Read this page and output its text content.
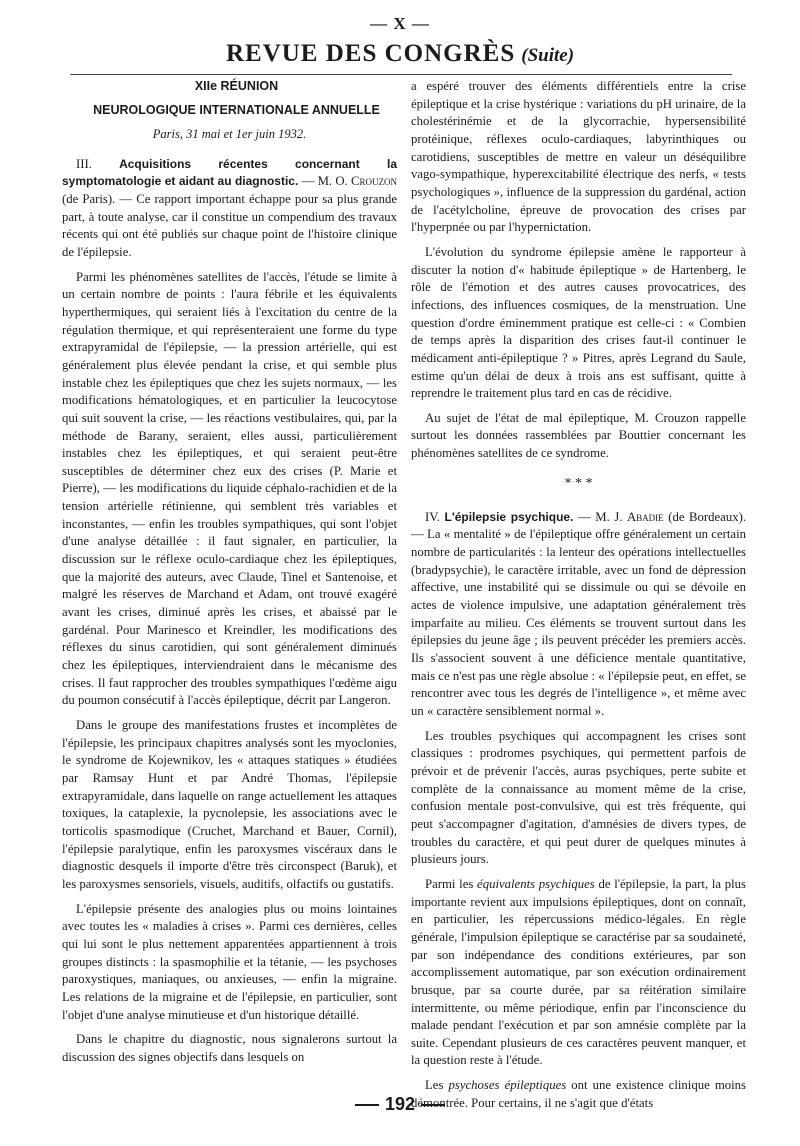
— X —
REVUE DES CONGRÈS (Suite)

XIIe RÉUNION

NEUROLOGIQUE INTERNATIONALE ANNUELLE

Paris, 31 mai et 1er juin 1932.

III. Acquisitions récentes concernant la symptomatologie et aidant au diagnostic. — M. O. Crouzon (de Paris). — Ce rapport important échappe pour sa plus grande part, à toute analyse, car il constitue un compendium des travaux récents qui ont été publiés sur chaque point de l'histoire clinique de l'épilepsie.

Parmi les phénomènes satellites de l'accès, l'étude se limite à un certain nombre de points : l'aura fébrile et les équivalents hyperthermiques, qui seraient liés à l'excitation du centre de la régulation thermique, et qui représenteraient une forme du type extrapyramidal de l'épilepsie, — la pression artérielle, qui est généralement plus élevée pendant la crise, et qui semble plus instable chez les épileptiques que chez les sujets normaux, — les modifications hématologiques, et en particulier la leucocytose qui suit souvent la crise, — les réactions vestibulaires, qui, par la méthode de Barany, seraient, elles aussi, particulièrement instables chez les épileptiques, et qui seraient peut-être susceptibles de déterminer chez eux des crises (P. Marie et Pierre), — les modifications du liquide céphalo-rachidien et de la tension artérielle rétinienne, qui semblent très variables et inconstantes, — enfin les troubles sympathiques, qui sont l'objet d'une analyse détaillée : il faut signaler, en particulier, la discussion sur le réflexe oculo-cardiaque chez les épileptiques, que la majorité des auteurs, avec Claude, Tinel et Santenoise, et malgré les réserves de Marchand et Adam, ont trouvé exagéré avant les crises, diminué après les crises, et abaissé par le gardénal. Pour Marinesco et Kreindler, les modifications des réflexes du sinus carotidien, qui sont généralement diminués chez les épileptiques, interviendraient dans le mécanisme des crises. Il faut rapprocher des troubles sympathiques l'œdème aigu du poumon consécutif à l'accès épileptique, décrit par Langeron.

Dans le groupe des manifestations frustes et incomplètes de l'épilepsie, les principaux chapitres analysés sont les myoclonies, le syndrome de Kojewnikov, les « attaques statiques » étudiées par Ramsay Hunt et par André Thomas, l'épilepsie extrapyramidale, dans laquelle on range actuellement les attaques toxiques, la cataplexie, la pycnolepsie, les associations avec le torticolis spasmodique (Cruchet, Marchand et Bauer, Cornil), l'épilepsie paralytique, enfin les paroxysmes viscéraux dans le diagnostic desquels il importe d'être très circonspect (Baruk), et les paroxysmes sensoriels, visuels, auditifs, olfactifs ou gustatifs.

L'épilepsie présente des analogies plus ou moins lointaines avec toutes les « maladies à crises ». Parmi ces dernières, celles qui lui sont le plus nettement apparentées appartiennent à trois groupes distincts : la spasmophilie et la tétanie, — les psychoses paroxystiques, maniaques, ou anxieuses, — enfin la migraine. Les relations de la migraine et de l'épilepsie, en particulier, sont l'objet d'une analyse minutieuse et d'un historique détaillé.

Dans le chapitre du diagnostic, nous signalerons surtout la discussion des signes objectifs dans lesquels on

a espéré trouver des éléments différentiels entre la crise épileptique et la crise hystérique : variations du pH urinaire, de la cholestérinémie et de la glycorrachie, hypersensibilité protéinique, réflexes oculo-cardiaques, labyrinthiques ou carotidiens, susceptibles de mettre en valeur un déséquilibre vago-sympathique, hyperexcitabilité électrique des nerfs, « tests psychologiques », influence de la suppression du gardénal, action de l'acétylcholine, épreuve de provocation des crises par l'hyperpnée ou par l'hypernictation.

L'évolution du syndrome épilepsie amène le rapporteur à discuter la notion d'« habitude épileptique » de Hartenberg, le rôle de l'émotion et des autres causes provocatrices, des infections, des influences cosmiques, de la menstruation. Une question d'ordre éminemment pratique est celle-ci : « Combien de temps après la disparition des crises faut-il continuer le médicament anti-épileptique ? » Pitres, après Legrand du Saule, estime qu'un délai de deux à trois ans est suffisant, quitte à reprendre le traitement plus tard en cas de récidive.

Au sujet de l'état de mal épileptique, M. Crouzon rappelle surtout les données rassemblées par Bouttier concernant les phénomènes satellites de ce syndrome.

* * *

IV. L'épilepsie psychique. — M. J. Abadie (de Bordeaux). — La « mentalité » de l'épileptique offre généralement un certain nombre de particularités : la lenteur des opérations intellectuelles (bradypsychie), le caractère irritable, avec un fond de dépression affective, une instabilité qui se dissimule ou qui se dévoile en actes de violence impulsive, une adaptation généralement très imparfaite au milieu. Ces éléments se trouvent surtout dans les épilepsies du jeune âge ; ils peuvent précéder les premiers accès. Ils s'associent souvent à une déficience mentale quantitative, mais ce n'est pas une règle absolue : « l'épilepsie peut, en effet, se rencontrer avec tous les degrés de l'intelligence », et même avec un « caractère sensiblement normal ».

Les troubles psychiques qui accompagnent les crises sont classiques : prodromes psychiques, qui permettent parfois de prévoir et de prévenir l'accès, auras psychiques, perte subite et complète de la connaissance au moment même de la crise, confusion mentale post-convulsive, qui est très fréquente, qui peut s'accompagner d'agitation, d'amnésies de divers types, de troubles du caractère, et qui peut durer de quelques minutes à plusieurs jours.

Parmi les équivalents psychiques de l'épilepsie, la part, la plus importante revient aux impulsions épileptiques, dont on connaît, en particulier, les répercussions médico-légales. En règle générale, l'impulsion épileptique se caractérise par sa soudaineté, par son indépendance des conditions extérieures, par son accomplissement automatique, par son exécution ordinairement brusque, par sa courte durée, par sa réitération similaire intermittente, ou même périodique, enfin par l'inconscience du malade pendant l'exécution et par son amnésie complète par la suite. Cependant plusieurs de ces caractères peuvent manquer, et la question reste à l'étude.

Les psychoses épileptiques ont une existence clinique moins démontrée. Pour certains, il ne s'agit que d'états

192
